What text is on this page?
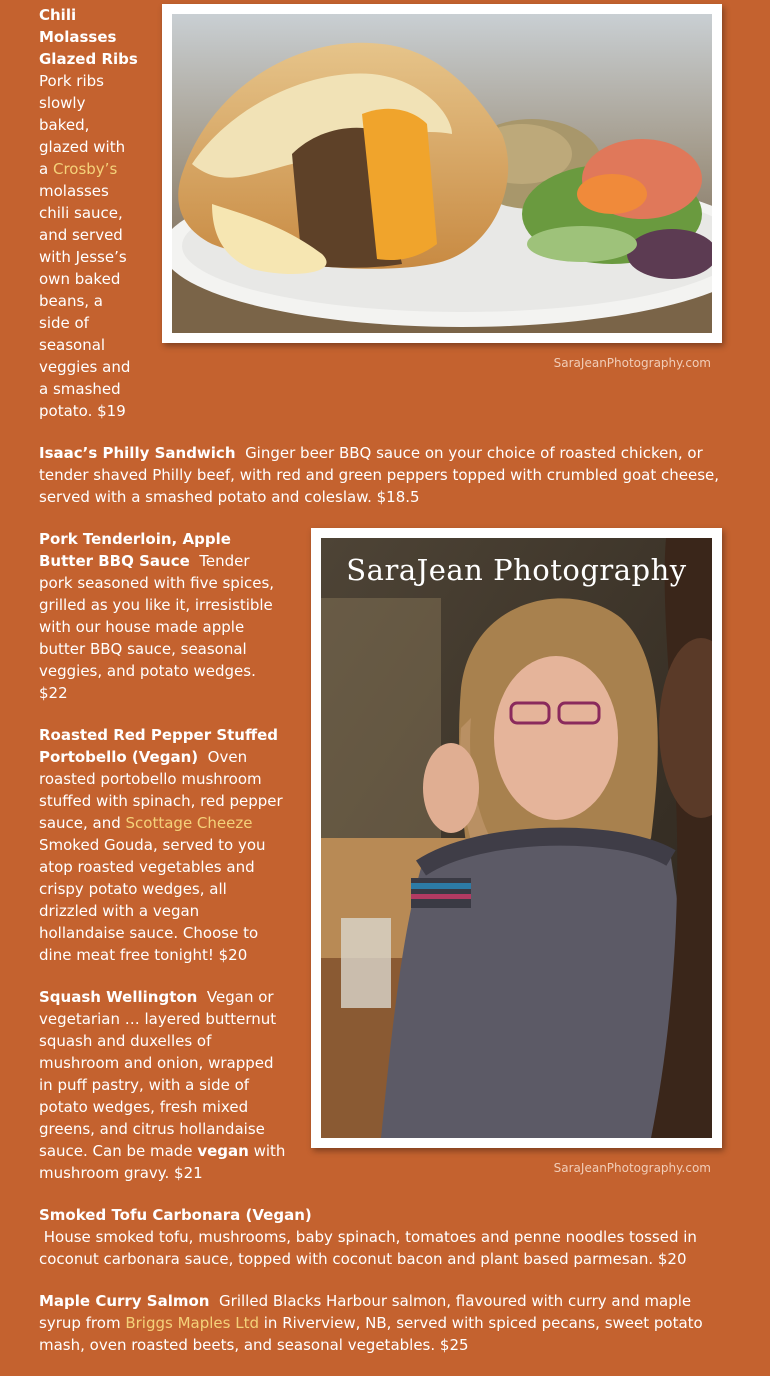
SaraJeanPhotography.com

Chili Molasses Glazed Ribs
Pork ribs slowly baked, glazed with a Crosby’s molasses chili sauce, and served with Jesse’s own baked beans, a side of seasonal veggies and a smashed potato. $19

Isaac’s Philly Sandwich Ginger beer BBQ sauce on your choice of roasted chicken, or tender shaved Philly beef, with red and green peppers topped with crumbled goat cheese, served with a smashed potato and coleslaw. $18.5

SaraJean Photography
SaraJeanPhotography.com

Pork Tenderloin, Apple Butter BBQ Sauce Tender pork seasoned with five spices, grilled as you like it, irresistible with our house made apple butter BBQ sauce, seasonal veggies, and potato wedges. $22

Roasted Red Pepper Stuffed Portobello (Vegan) Oven roasted portobello mushroom stuffed with spinach, red pepper sauce, and Scottage Cheeze Smoked Gouda, served to you atop roasted vegetables and crispy potato wedges, all drizzled with a vegan hollandaise sauce. Choose to dine meat free tonight! $20

Squash Wellington Vegan or vegetarian … layered butternut squash and duxelles of mushroom and onion, wrapped in puff pastry, with a side of potato wedges, fresh mixed greens, and citrus hollandaise sauce. Can be made vegan with mushroom gravy. $21

Smoked Tofu Carbonara (Vegan)
House smoked tofu, mushrooms, baby spinach, tomatoes and penne noodles tossed in coconut carbonara sauce, topped with coconut bacon and plant based parmesan. $20

Maple Curry Salmon Grilled Blacks Harbour salmon, flavoured with curry and maple syrup from Briggs Maples Ltd in Riverview, NB, served with spiced pecans, sweet potato mash, oven roasted beets, and seasonal vegetables. $25
